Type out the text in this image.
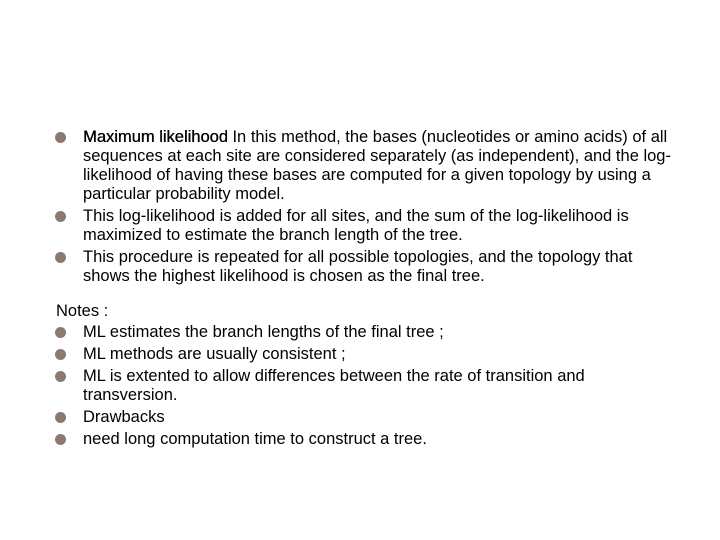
Maximum likelihood In this method, the bases (nucleotides or amino acids) of all sequences at each site are considered separately (as independent), and the log-likelihood of having these bases are computed for a given topology by using a particular probability model.
This log-likelihood is added for all sites, and the sum of the log-likelihood is maximized to estimate the branch length of the tree.
This procedure is repeated for all possible topologies, and the topology that shows the highest likelihood is chosen as the final tree.
Notes :
ML estimates the branch lengths of the final tree ;
ML methods are usually consistent ;
ML is extented to allow differences between the rate of transition and transversion.
Drawbacks
need long computation time to construct a tree.
